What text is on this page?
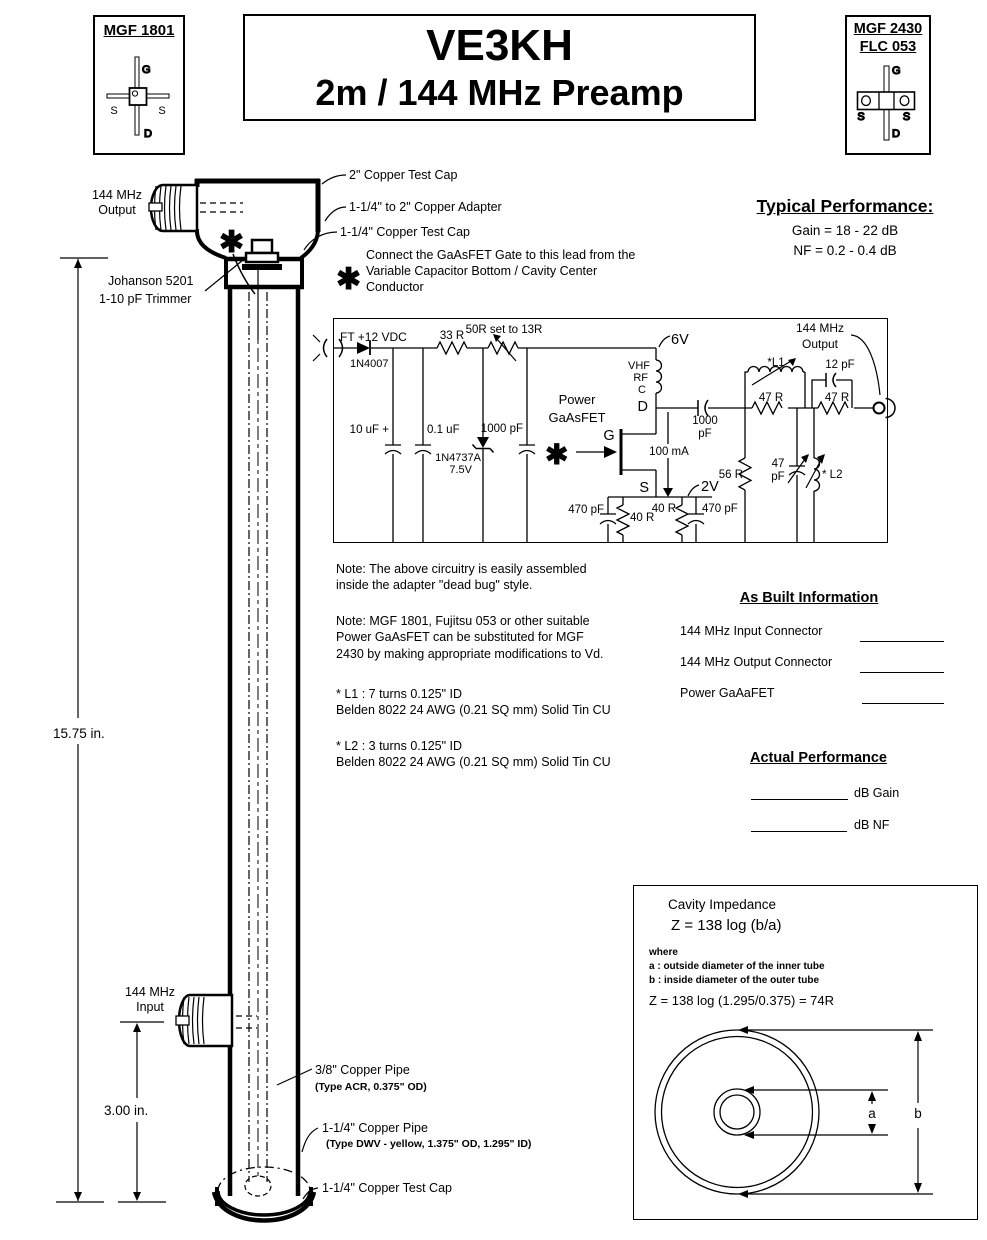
MGF 1801	VE3KH
2m / 144 MHz Preamp
MGF 2430
FLC 053
Typical Performance:
Gain = 18 - 22 dB
NF = 0.2 - 0.4 dB
Note: The above circuitry is easily assembled
inside the adapter "dead bug" style.
Note: MGF 1801, Fujitsu 053 or other suitable
Power GaAsFET can be substituted for MGF
2430 by making appropriate modifications to Vd.
* L1 : 7 turns 0.125" ID
Belden 8022 24 AWG (0.21 SQ mm) Solid Tin CU
* L2 : 3 turns 0.125" ID
Belden 8022 24 AWG (0.21 SQ mm) Solid Tin CU
As Built Information
144 MHz Input Connector
144 MHz Output Connector
Power GaAaFET
Actual Performance
dB Gain
dB NF
Cavity Impedance
Z = 138 log (b/a)
where
a : outside diameter of the inner tube
b : inside diameter of the outer tube
Z = 138 log (1.295/0.375) = 74R
G
S	S
D
G
S	S
D
15.75 in.
3.00 in.
144 MHz
Output
2" Copper Test Cap
1-1/4" to 2" Copper Adapter
1-1/4" Copper Test Cap
✱
✱
Connect the GaAsFET Gate to this lead from the
Variable Capacitor Bottom / Cavity Center
Conductor
Johanson 5201
1-10 pF Trimmer
144 MHz
Input
3/8" Copper Pipe
(Type ACR, 0.375" OD)
1-1/4" Copper Pipe
(Type DWV - yellow, 1.375" OD, 1.295" ID)
1-1/4" Copper Test Cap
FT +12 VDC
1N4007
33 R 50R set to 13R
10 uF +	0.1 uF
1N4737A
7.5V
1000 pF
6V
VHF
RF
C
Power
GaAsFET
✱
G
D
S
1000
pF
100 mA
2V
470 pF
40 R
40 R 470 pF
56 R
47
pF
*L1
47 R
12 pF
47 R
* L2
144 MHz
Output
a	b
